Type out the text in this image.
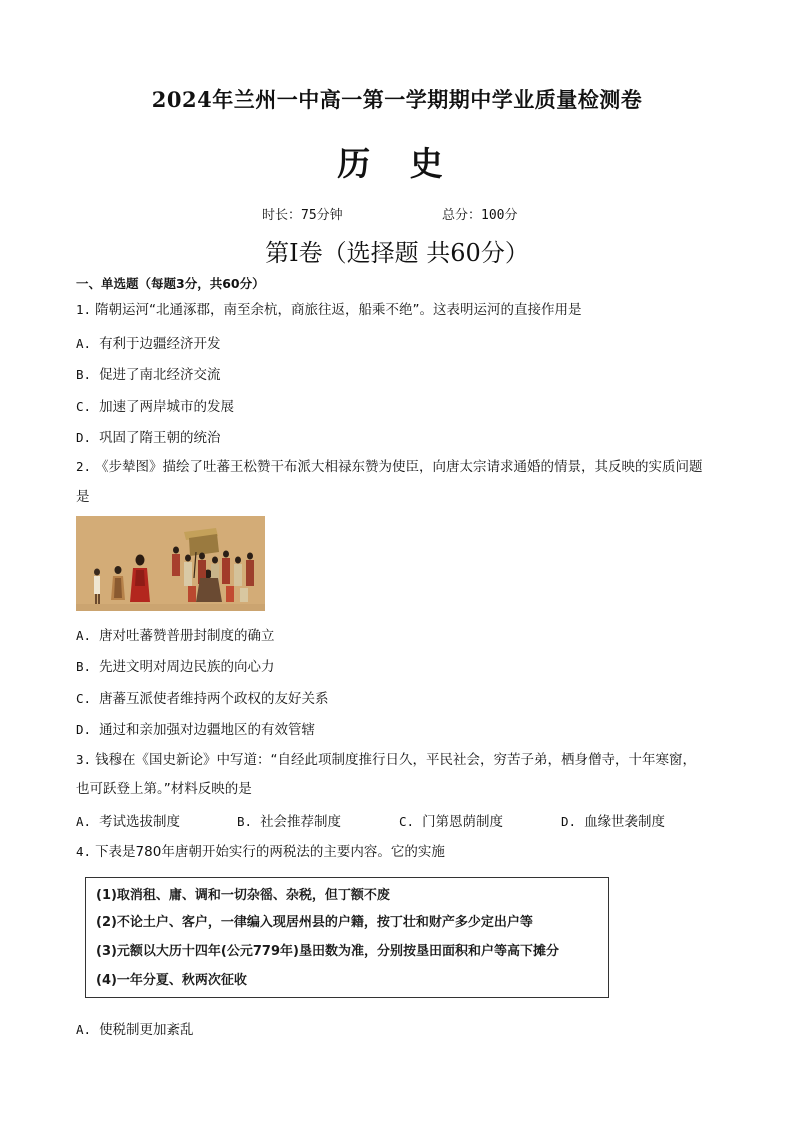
2024年兰州一中高一第一学期期中学业质量检测卷
历 史
时长：75分钟	总分：100分
第Ⅰ卷（选择题 共60分）
一、单选题（每题3分，共60分）
1. 隋朝运河“北通涿郡，南至余杭，商旅往返，船乘不绝”。这表明运河的直接作用是
A. 有利于边疆经济开发
B. 促进了南北经济交流
C. 加速了两岸城市的发展
D. 巩固了隋王朝的统治
2. 《步辇图》描绘了吐蕃王松赞干布派大相禄东赞为使臣，向唐太宗请求通婚的情景，其反映的实质问题
是
A. 唐对吐蕃赞普册封制度的确立
B. 先进文明对周边民族的向心力
C. 唐蕃互派使者维持两个政权的友好关系
D. 通过和亲加强对边疆地区的有效管辖
3. 钱穆在《国史新论》中写道：“自经此项制度推行日久，平民社会，穷苦子弟，栖身僧寺，十年寒窗，
也可跃登上第。”材料反映的是
A. 考试选拔制度	B. 社会推荐制度	C. 门第恩荫制度	D. 血缘世袭制度
4. 下表是780年唐朝开始实行的两税法的主要内容。它的实施
(1)取消租、庸、调和一切杂徭、杂税，但丁额不废
(2)不论土户、客户，一律编入现居州县的户籍，按丁壮和财产多少定出户等
(3)元额以大历十四年(公元779年)垦田数为准，分别按垦田面积和户等高下摊分
(4)一年分夏、秋两次征收
A. 使税制更加紊乱
